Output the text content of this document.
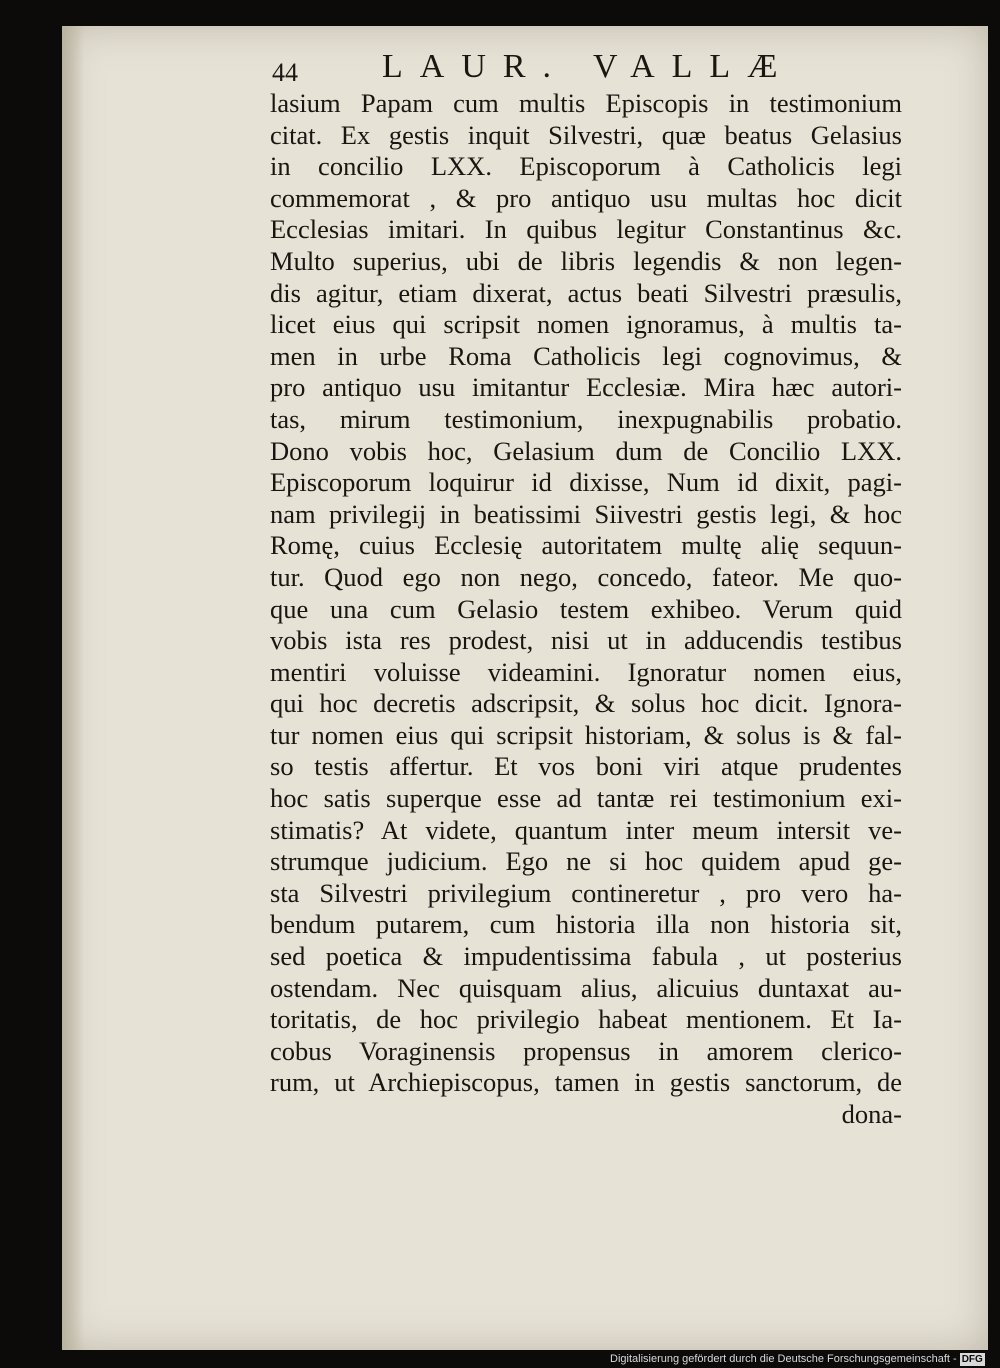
44 LAUR. VALLÆ
lasium Papam cum multis Episcopis in testimonium
citat. Ex gestis inquit Silvestri, quæ beatus Gelasius
in concilio LXX. Episcoporum à Catholicis legi
commemorat , & pro antiquo usu multas hoc dicit
Ecclesias imitari. In quibus legitur Constantinus &c.
Multo superius, ubi de libris legendis & non legen-
dis agitur, etiam dixerat, actus beati Silvestri præsulis,
licet eius qui scripsit nomen ignoramus, à multis ta-
men in urbe Roma Catholicis legi cognovimus, &
pro antiquo usu imitantur Ecclesiæ. Mira hæc autori-
tas, mirum testimonium, inexpugnabilis probatio.
Dono vobis hoc, Gelasium dum de Concilio LXX.
Episcoporum loquirur id dixisse, Num id dixit, pagi-
nam privilegij in beatissimi Siivestri gestis legi, & hoc
Romę, cuius Ecclesię autoritatem multę alię sequun-
tur. Quod ego non nego, concedo, fateor. Me quo-
que una cum Gelasio testem exhibeo. Verum quid
vobis ista res prodest, nisi ut in adducendis testibus
mentiri voluisse videamini. Ignoratur nomen eius,
qui hoc decretis adscripsit, & solus hoc dicit. Ignora-
tur nomen eius qui scripsit historiam, & solus is & fal-
so testis affertur. Et vos boni viri atque prudentes
hoc satis superque esse ad tantæ rei testimonium exi-
stimatis? At videte, quantum inter meum intersit ve-
strumque judicium. Ego ne si hoc quidem apud ge-
sta Silvestri privilegium contineretur , pro vero ha-
bendum putarem, cum historia illa non historia sit,
sed poetica & impudentissima fabula , ut posterius
ostendam. Nec quisquam alius, alicuius duntaxat au-
toritatis, de hoc privilegio habeat mentionem. Et Ia-
cobus Voraginensis propensus in amorem clerico-
rum, ut Archiepiscopus, tamen in gestis sanctorum, de
dona-
Digitalisierung gefördert durch die Deutsche Forschungsgemeinschaft - DFG
